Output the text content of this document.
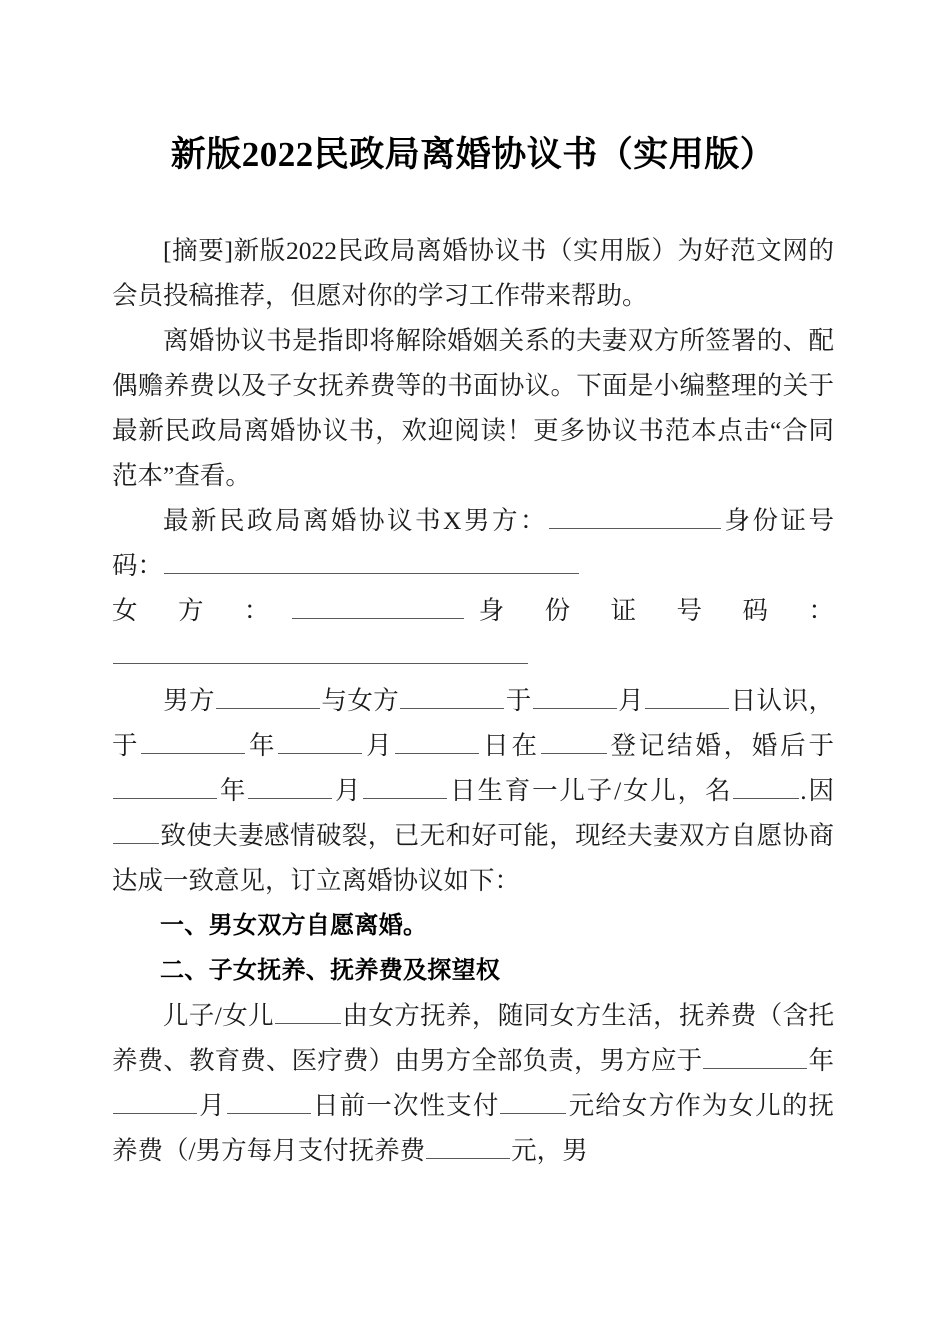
新版2022民政局离婚协议书（实用版）

[摘要]新版2022民政局离婚协议书（实用版）为好范文网的会员投稿推荐，但愿对你的学习工作带来帮助。

离婚协议书是指即将解除婚姻关系的夫妻双方所签署的、配偶赡养费以及子女抚养费等的书面协议。下面是小编整理的关于最新民政局离婚协议书，欢迎阅读！更多协议书范本点击“合同范本”查看。

最新民政局离婚协议书X男方：	身份证号码：

女　方　：	身　份　证　号　码　：

男方	与女方	于	月	日认识，于	年	月	日在	登记结婚，婚后于年	月	日生育一儿子/女儿，名	.因致使夫妻感情破裂，已无和好可能，现经夫妻双方自愿协商达成一致意见，订立离婚协议如下：

一、男女双方自愿离婚。

二、子女抚养、抚养费及探望权

儿子/女儿	由女方抚养，随同女方生活，抚养费（含托养费、教育费、医疗费）由男方全部负责，男方应于	年月	日前一次性支付	元给女方作为女儿的抚养费（/男方每月支付抚养费	元，男
